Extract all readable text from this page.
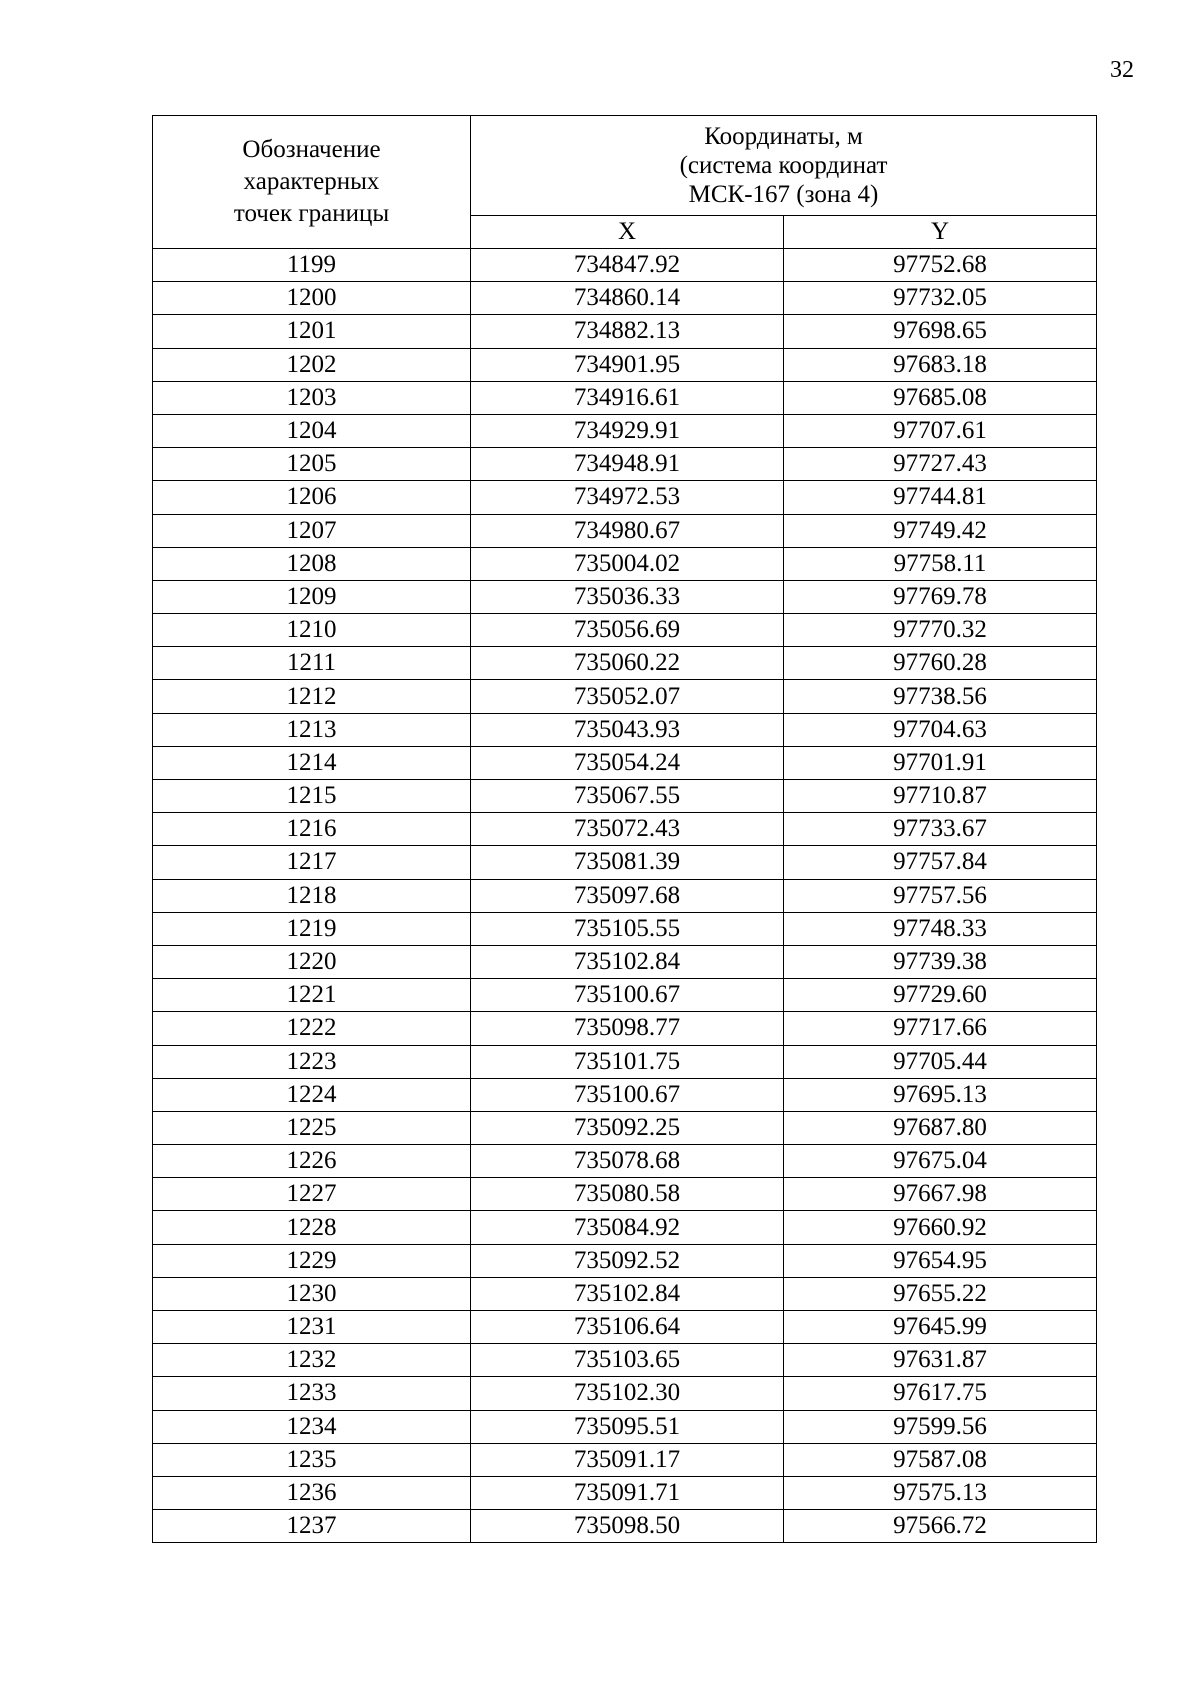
32
Обозначение
характерных
точек границы	Координаты, м
(система координат
МСК-167 (зона 4)	

	X	Y
1199	734847.92	97752.68
1200	734860.14	97732.05
1201	734882.13	97698.65
1202	734901.95	97683.18
1203	734916.61	97685.08
1204	734929.91	97707.61
1205	734948.91	97727.43
1206	734972.53	97744.81
1207	734980.67	97749.42
1208	735004.02	97758.11
1209	735036.33	97769.78
1210	735056.69	97770.32
1211	735060.22	97760.28
1212	735052.07	97738.56
1213	735043.93	97704.63
1214	735054.24	97701.91
1215	735067.55	97710.87
1216	735072.43	97733.67
1217	735081.39	97757.84
1218	735097.68	97757.56
1219	735105.55	97748.33
1220	735102.84	97739.38
1221	735100.67	97729.60
1222	735098.77	97717.66
1223	735101.75	97705.44
1224	735100.67	97695.13
1225	735092.25	97687.80
1226	735078.68	97675.04
1227	735080.58	97667.98
1228	735084.92	97660.92
1229	735092.52	97654.95
1230	735102.84	97655.22
1231	735106.64	97645.99
1232	735103.65	97631.87
1233	735102.30	97617.75
1234	735095.51	97599.56
1235	735091.17	97587.08
1236	735091.71	97575.13
1237	735098.50	97566.72
